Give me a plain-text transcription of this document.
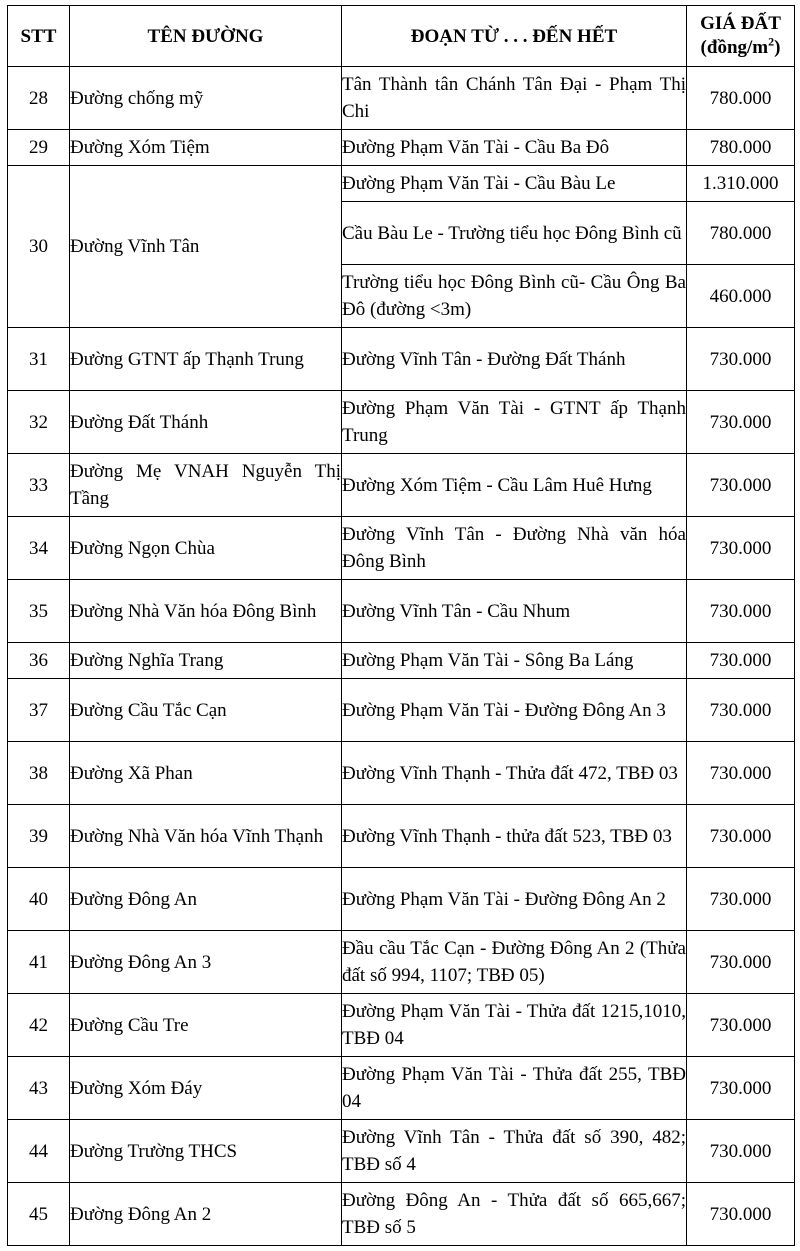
STT	TÊN ĐƯỜNG	ĐOẠN TỪ . . . ĐẾN HẾT	GIÁ ĐẤT
$(đồng/m^2)$
28	Đường chống mỹ	Tân Thành tân Chánh Tân Đại - Phạm Thị Chi	780.000
29	Đường Xóm Tiệm	Đường Phạm Văn Tài - Cầu Ba Đô	780.000
30	Đường Vĩnh Tân	Đường Phạm Văn Tài - Cầu Bàu Le	1.310.000
		Cầu Bàu Le - Trường tiểu học Đông Bình cũ	780.000
		Trường tiểu học Đông Bình cũ- Cầu Ông Ba Đô (đường <3m)	460.000
31	Đường GTNT ấp Thạnh Trung	Đường Vĩnh Tân - Đường Đất Thánh	730.000
32	Đường Đất Thánh	Đường Phạm Văn Tài - GTNT ấp Thạnh Trung	730.000
33	Đường Mẹ VNAH Nguyễn Thị Tầng	Đường Xóm Tiệm - Cầu Lâm Huê Hưng	730.000
34	Đường Ngọn Chùa	Đường Vĩnh Tân - Đường Nhà văn hóa Đông Bình	730.000
35	Đường Nhà Văn hóa Đông Bình	Đường Vĩnh Tân - Cầu Nhum	730.000
36	Đường Nghĩa Trang	Đường Phạm Văn Tài - Sông Ba Láng	730.000
37	Đường Cầu Tắc Cạn	Đường Phạm Văn Tài - Đường Đông An 3	730.000
38	Đường Xã Phan	Đường Vĩnh Thạnh - Thửa đất 472, TBĐ 03	730.000
39	Đường Nhà Văn hóa Vĩnh Thạnh	Đường Vĩnh Thạnh - thửa đất 523, TBĐ 03	730.000
40	Đường Đông An	Đường Phạm Văn Tài - Đường Đông An 2	730.000
41	Đường Đông An 3	Đầu cầu Tắc Cạn - Đường Đông An 2 (Thửa đất số 994, 1107; TBĐ 05)	730.000
42	Đường Cầu Tre	Đường Phạm Văn Tài - Thửa đất 1215,1010, TBĐ 04	730.000
43	Đường Xóm Đáy	Đường Phạm Văn Tài - Thửa đất 255, TBĐ 04	730.000
44	Đường Trường THCS	Đường Vĩnh Tân - Thửa đất số 390, 482; TBĐ số 4	730.000
45	Đường Đông An 2	Đường Đông An - Thửa đất số 665,667; TBĐ số 5	730.000
